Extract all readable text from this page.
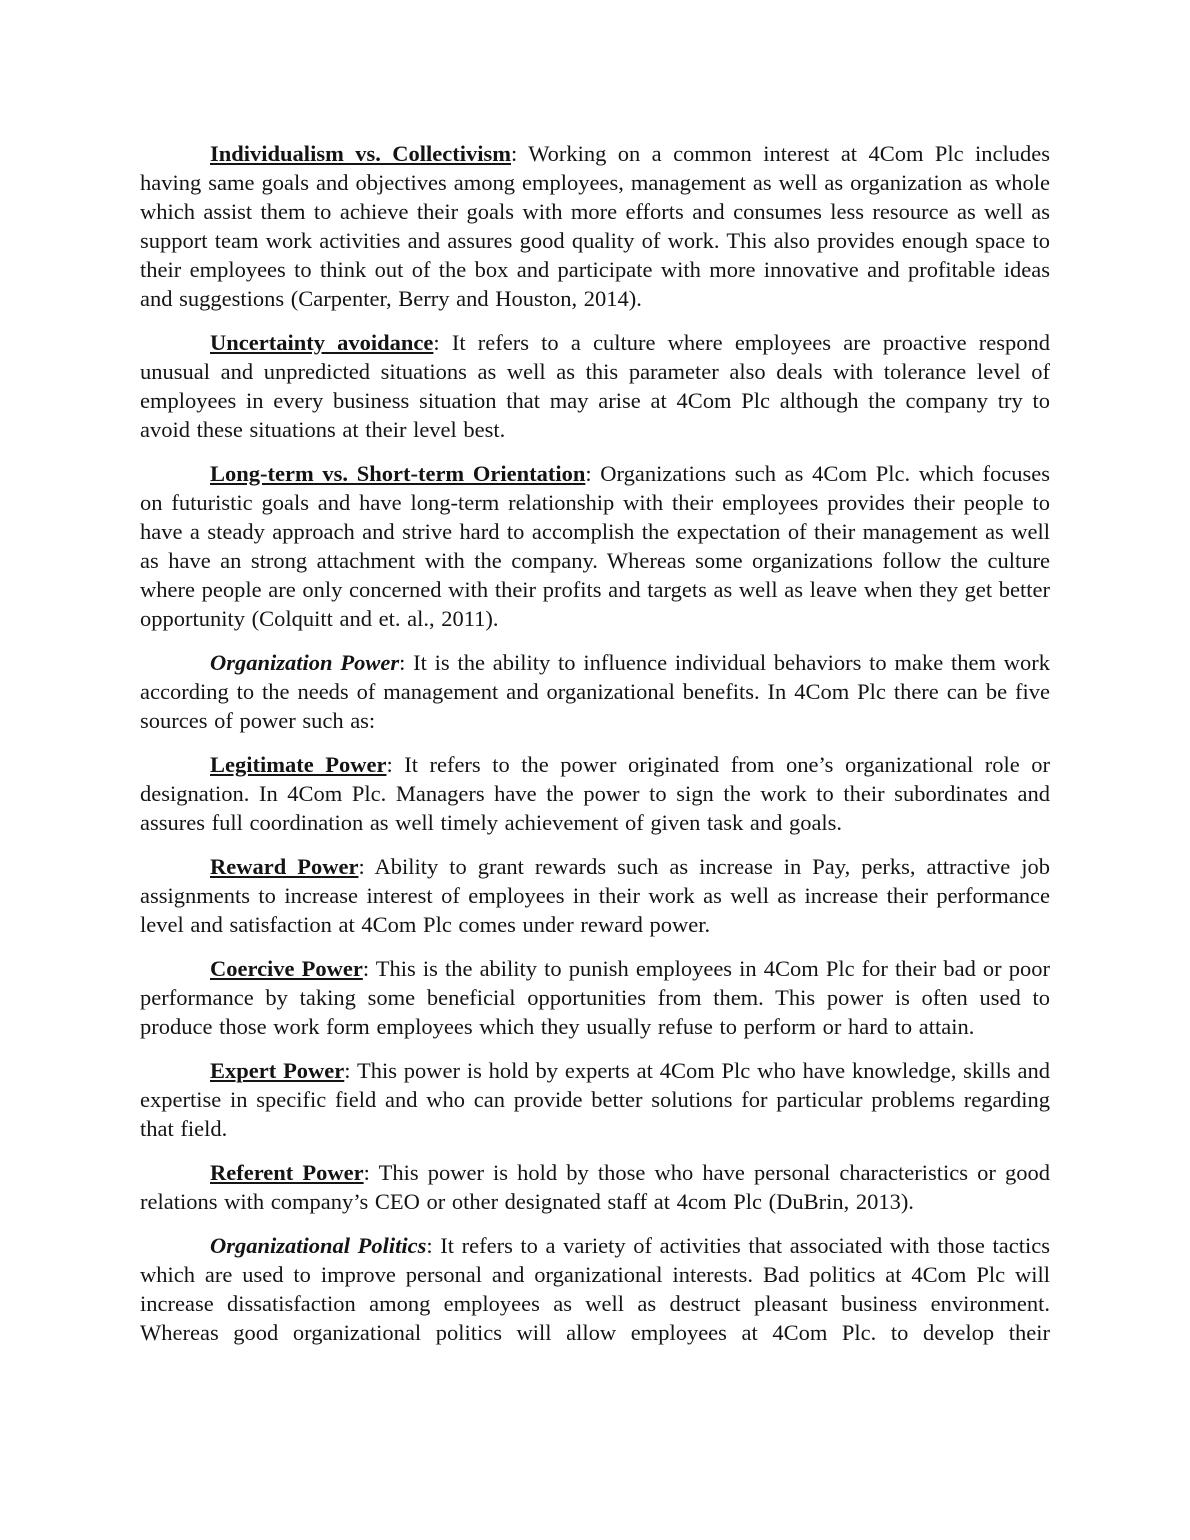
Individualism vs. Collectivism: Working on a common interest at 4Com Plc includes having same goals and objectives among employees, management as well as organization as whole which assist them to achieve their goals with more efforts and consumes less resource as well as support team work activities and assures good quality of work. This also provides enough space to their employees to think out of the box and participate with more innovative and profitable ideas and suggestions (Carpenter, Berry and Houston, 2014).

Uncertainty avoidance: It refers to a culture where employees are proactive respond unusual and unpredicted situations as well as this parameter also deals with tolerance level of employees in every business situation that may arise at 4Com Plc although the company try to avoid these situations at their level best.

Long-term vs. Short-term Orientation: Organizations such as 4Com Plc. which focuses on futuristic goals and have long-term relationship with their employees provides their people to have a steady approach and strive hard to accomplish the expectation of their management as well as have an strong attachment with the company. Whereas some organizations follow the culture where people are only concerned with their profits and targets as well as leave when they get better opportunity (Colquitt and et. al., 2011).

Organization Power: It is the ability to influence individual behaviors to make them work according to the needs of management and organizational benefits. In 4Com Plc there can be five sources of power such as:

Legitimate Power: It refers to the power originated from one’s organizational role or designation. In 4Com Plc. Managers have the power to sign the work to their subordinates and assures full coordination as well timely achievement of given task and goals.

Reward Power: Ability to grant rewards such as increase in Pay, perks, attractive job assignments to increase interest of employees in their work as well as increase their performance level and satisfaction at 4Com Plc comes under reward power.

Coercive Power: This is the ability to punish employees in 4Com Plc for their bad or poor performance by taking some beneficial opportunities from them. This power is often used to produce those work form employees which they usually refuse to perform or hard to attain.

Expert Power: This power is hold by experts at 4Com Plc who have knowledge, skills and expertise in specific field and who can provide better solutions for particular problems regarding that field.

Referent Power: This power is hold by those who have personal characteristics or good relations with company’s CEO or other designated staff at 4com Plc (DuBrin, 2013).

Organizational Politics: It refers to a variety of activities that associated with those tactics which are used to improve personal and organizational interests. Bad politics at 4Com Plc will increase dissatisfaction among employees as well as destruct pleasant business environment. Whereas good organizational politics will allow employees at 4Com Plc. to develop their
